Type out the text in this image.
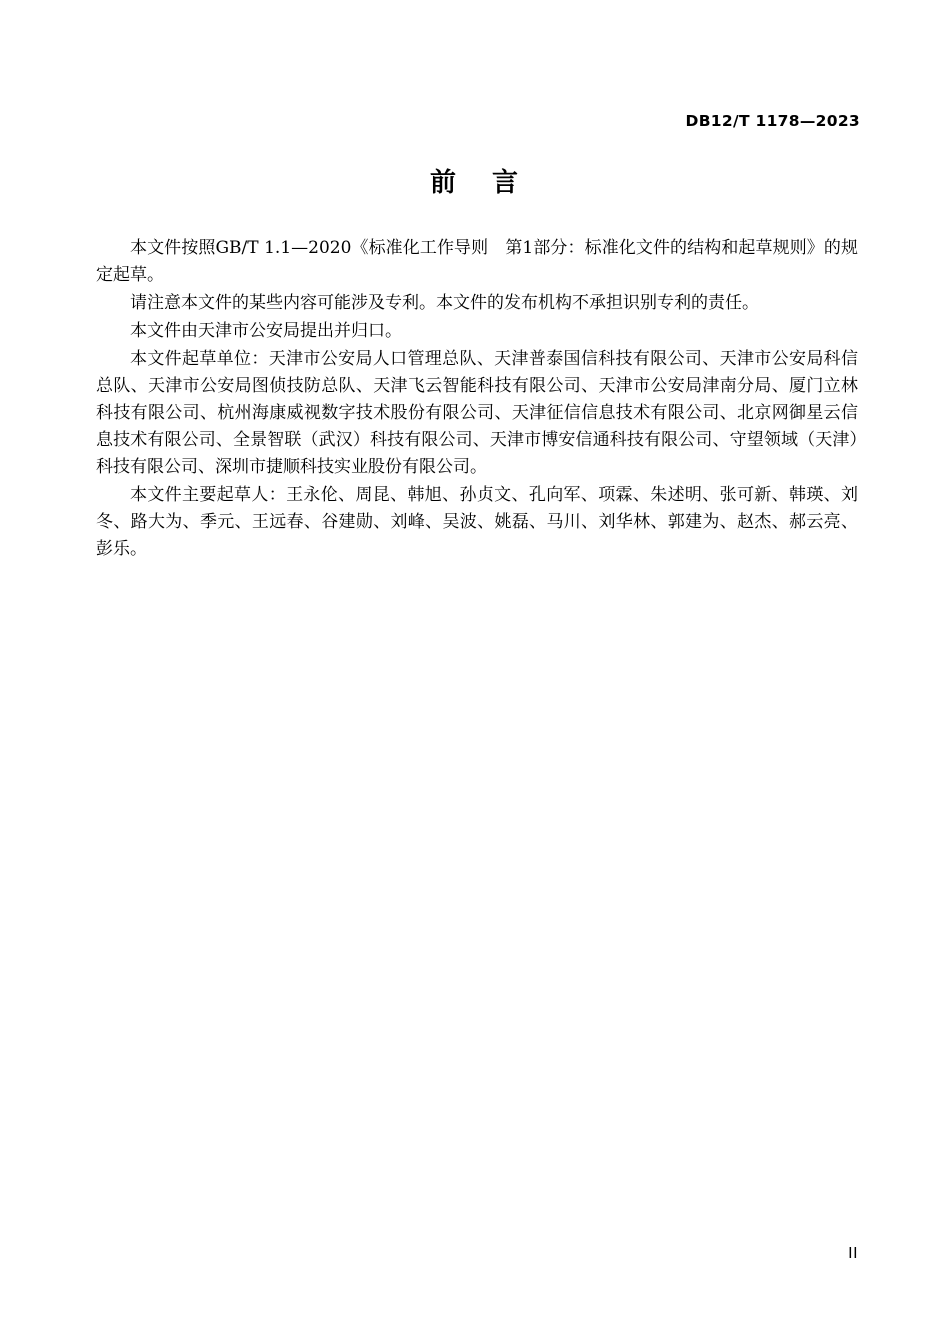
DB12/T 1178—2023
前 言

本文件按照GB/T 1.1—2020《标准化工作导则　第1部分：标准化文件的结构和起草规则》的规定起草。

请注意本文件的某些内容可能涉及专利。本文件的发布机构不承担识别专利的责任。

本文件由天津市公安局提出并归口。

本文件起草单位：天津市公安局人口管理总队、天津普泰国信科技有限公司、天津市公安局科信总队、天津市公安局图侦技防总队、天津飞云智能科技有限公司、天津市公安局津南分局、厦门立林科技有限公司、杭州海康威视数字技术股份有限公司、天津征信信息技术有限公司、北京网御星云信息技术有限公司、全景智联（武汉）科技有限公司、天津市博安信通科技有限公司、守望领域（天津）科技有限公司、深圳市捷顺科技实业股份有限公司。

本文件主要起草人：王永伦、周昆、韩旭、孙贞文、孔向军、项霖、朱述明、张可新、韩瑛、刘冬、路大为、季元、王远春、谷建勋、刘峰、吴波、姚磊、马川、刘华林、郭建为、赵杰、郝云亮、彭乐。

II
